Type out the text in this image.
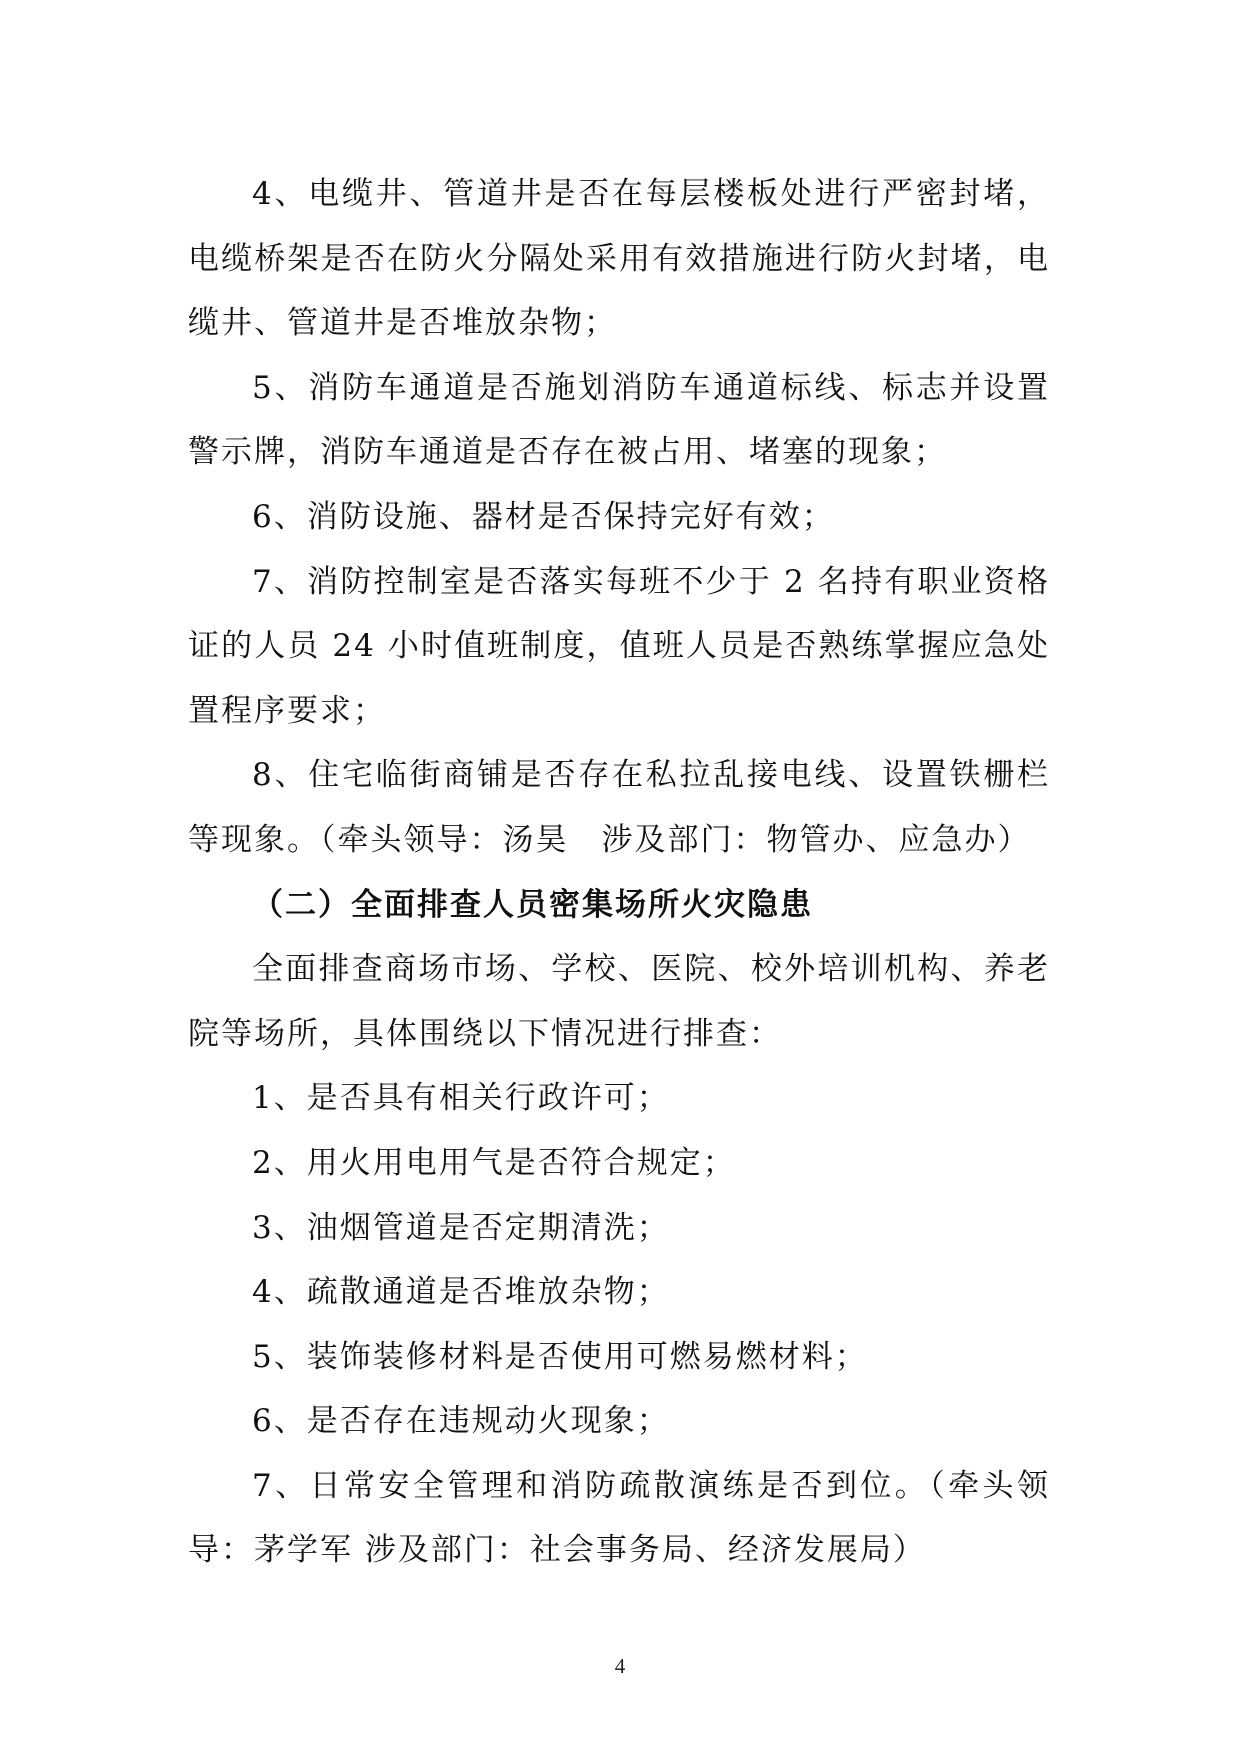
4、电缆井、管道井是否在每层楼板处进行严密封堵，电缆桥架是否在防火分隔处采用有效措施进行防火封堵，电缆井、管道井是否堆放杂物；

5、消防车通道是否施划消防车通道标线、标志并设置警示牌，消防车通道是否存在被占用、堵塞的现象；

6、消防设施、器材是否保持完好有效；

7、消防控制室是否落实每班不少于 2 名持有职业资格证的人员 24 小时值班制度，值班人员是否熟练掌握应急处置程序要求；

8、住宅临街商铺是否存在私拉乱接电线、设置铁栅栏等现象。（牵头领导：汤昊　涉及部门：物管办、应急办）

（二）全面排查人员密集场所火灾隐患

全面排查商场市场、学校、医院、校外培训机构、养老院等场所，具体围绕以下情况进行排查：

1、是否具有相关行政许可；

2、用火用电用气是否符合规定；

3、油烟管道是否定期清洗；

4、疏散通道是否堆放杂物；

5、装饰装修材料是否使用可燃易燃材料；

6、是否存在违规动火现象；

7、日常安全管理和消防疏散演练是否到位。（牵头领导：茅学军 涉及部门：社会事务局、经济发展局）

4
